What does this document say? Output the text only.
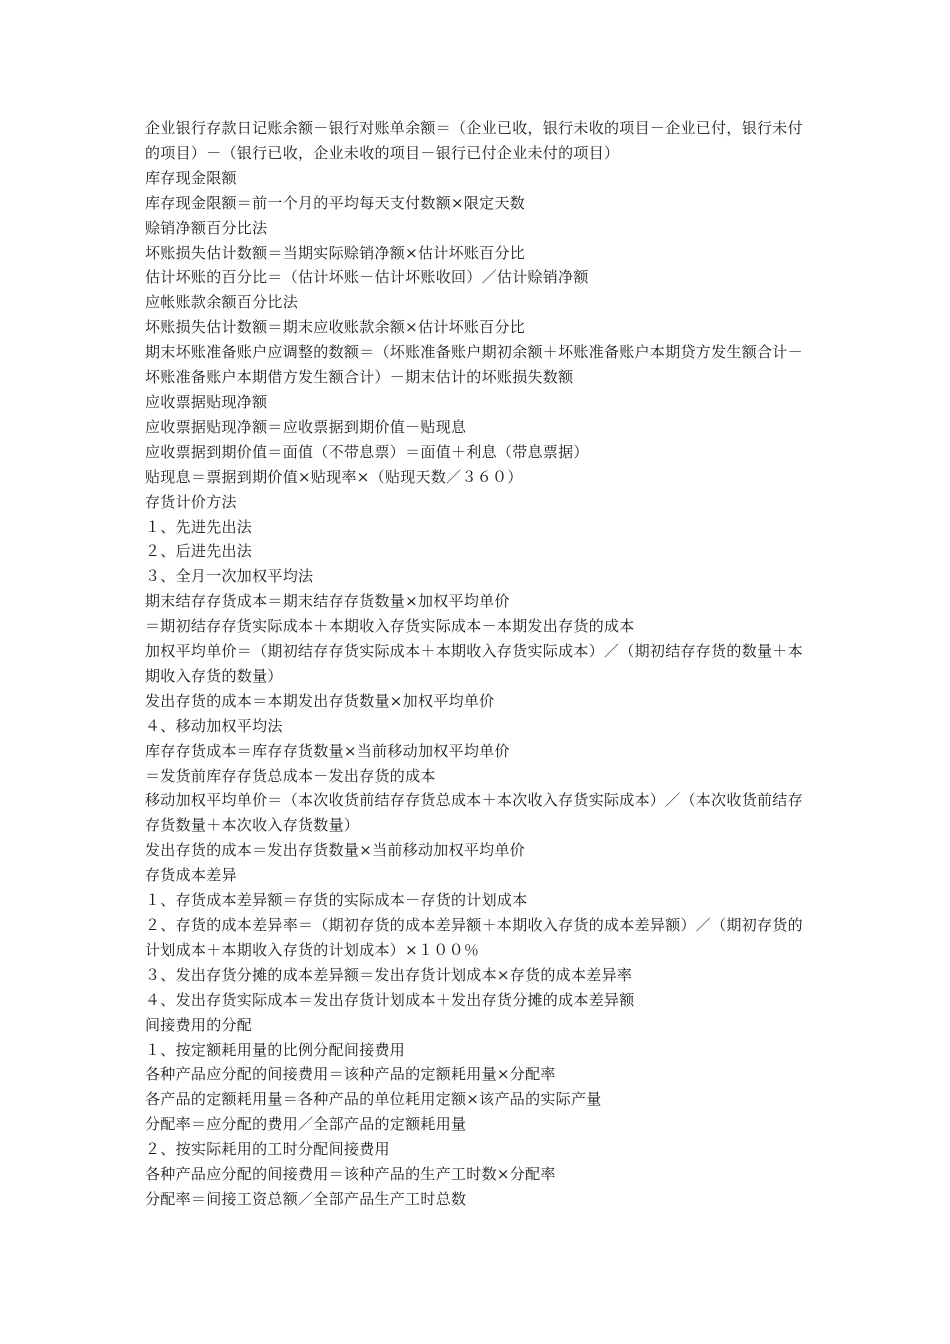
企业银行存款日记账余额－银行对账单余额＝（企业已收，银行未收的项目－企业已付，银行未付的项目）－（银行已收，企业未收的项目－银行已付企业未付的项目）

库存现金限额

库存现金限额＝前一个月的平均每天支付数额×限定天数

赊销净额百分比法

坏账损失估计数额＝当期实际赊销净额×估计坏账百分比

估计坏账的百分比＝（估计坏账－估计坏账收回）／估计赊销净额

应帐账款余额百分比法

坏账损失估计数额＝期末应收账款余额×估计坏账百分比

期末坏账准备账户应调整的数额＝（坏账准备账户期初余额＋坏账准备账户本期贷方发生额合计－坏账准备账户本期借方发生额合计）－期末估计的坏账损失数额

应收票据贴现净额

应收票据贴现净额＝应收票据到期价值－贴现息

应收票据到期价值＝面值（不带息票）＝面值＋利息（带息票据）

贴现息＝票据到期价值×贴现率×（贴现天数／３６０）

存货计价方法

１、先进先出法

２、后进先出法

３、全月一次加权平均法

期末结存存货成本＝期末结存存货数量×加权平均单价

＝期初结存存货实际成本＋本期收入存货实际成本－本期发出存货的成本

加权平均单价＝（期初结存存货实际成本＋本期收入存货实际成本）／（期初结存存货的数量＋本期收入存货的数量）

发出存货的成本＝本期发出存货数量×加权平均单价

４、移动加权平均法

库存存货成本＝库存存货数量×当前移动加权平均单价

＝发货前库存存货总成本－发出存货的成本

移动加权平均单价＝（本次收货前结存存货总成本＋本次收入存货实际成本）／（本次收货前结存存货数量＋本次收入存货数量）

发出存货的成本＝发出存货数量×当前移动加权平均单价

存货成本差异

１、存货成本差异额＝存货的实际成本－存货的计划成本

２、存货的成本差异率＝（期初存货的成本差异额＋本期收入存货的成本差异额）／（期初存货的计划成本＋本期收入存货的计划成本）×１００％

３、发出存货分摊的成本差异额＝发出存货计划成本×存货的成本差异率

４、发出存货实际成本＝发出存货计划成本＋发出存货分摊的成本差异额

间接费用的分配

１、按定额耗用量的比例分配间接费用

各种产品应分配的间接费用＝该种产品的定额耗用量×分配率

各产品的定额耗用量＝各种产品的单位耗用定额×该产品的实际产量

分配率＝应分配的费用／全部产品的定额耗用量

２、按实际耗用的工时分配间接费用

各种产品应分配的间接费用＝该种产品的生产工时数×分配率

分配率＝间接工资总额／全部产品生产工时总数
